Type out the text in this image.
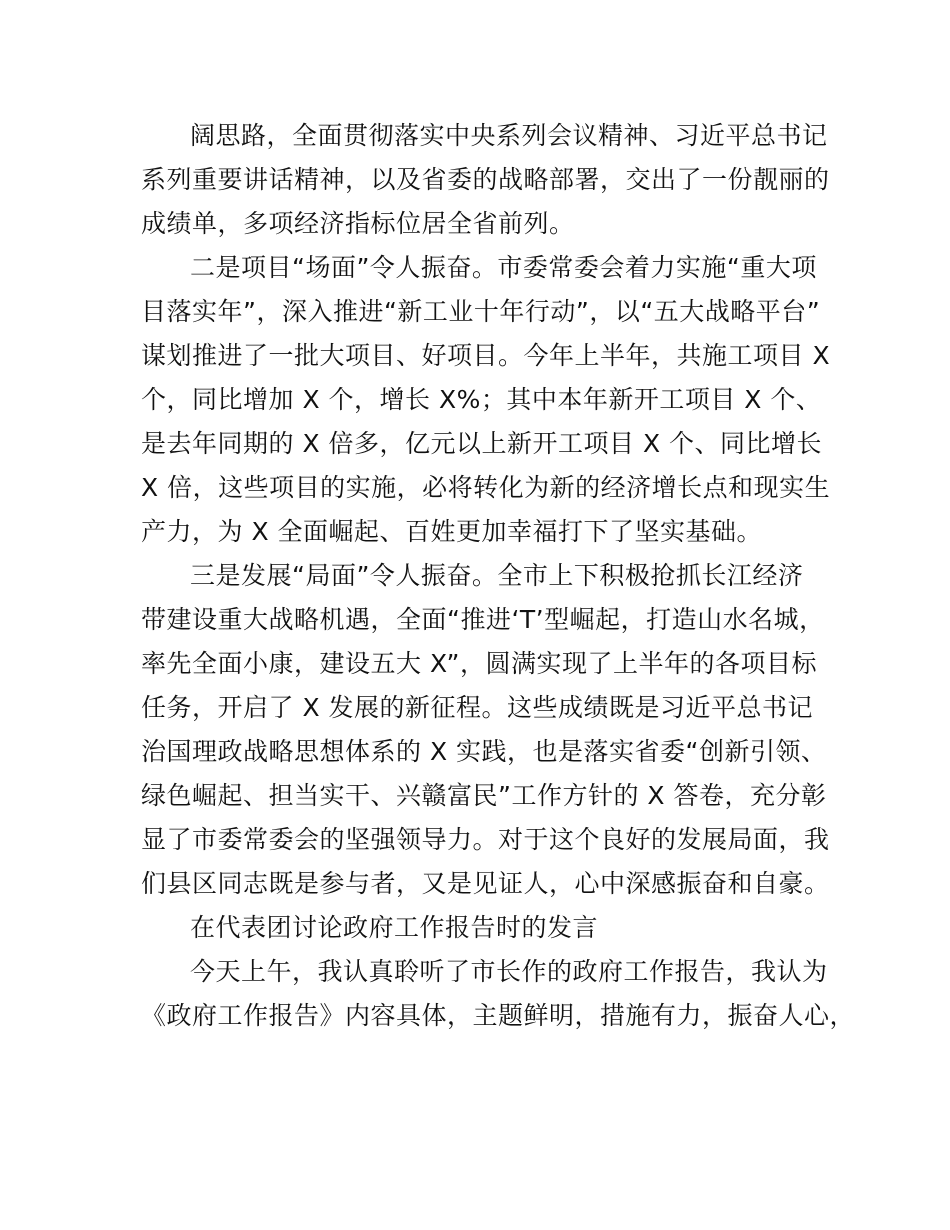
阔思路，全面贯彻落实中央系列会议精神、习近平总书记
系列重要讲话精神，以及省委的战略部署，交出了一份靓丽的
成绩单，多项经济指标位居全省前列。
二是项目“场面”令人振奋。市委常委会着力实施“重大项
目落实年”，深入推进“新工业十年行动”，以“五大战略平台”
谋划推进了一批大项目、好项目。今年上半年，共施工项目 X
个，同比增加 X 个，增长 X%；其中本年新开工项目 X 个、
是去年同期的 X 倍多，亿元以上新开工项目 X 个、同比增长
X 倍，这些项目的实施，必将转化为新的经济增长点和现实生
产力，为 X 全面崛起、百姓更加幸福打下了坚实基础。
三是发展“局面”令人振奋。全市上下积极抢抓长江经济
带建设重大战略机遇，全面“推进‘T’型崛起，打造山水名城，
率先全面小康，建设五大 X”，圆满实现了上半年的各项目标
任务，开启了 X 发展的新征程。这些成绩既是习近平总书记
治国理政战略思想体系的 X 实践，也是落实省委“创新引领、
绿色崛起、担当实干、兴赣富民”工作方针的 X 答卷，充分彰
显了市委常委会的坚强领导力。对于这个良好的发展局面，我
们县区同志既是参与者，又是见证人，心中深感振奋和自豪。
在代表团讨论政府工作报告时的发言
今天上午，我认真聆听了市长作的政府工作报告，我认为
《政府工作报告》内容具体，主题鲜明，措施有力，振奋人心，
